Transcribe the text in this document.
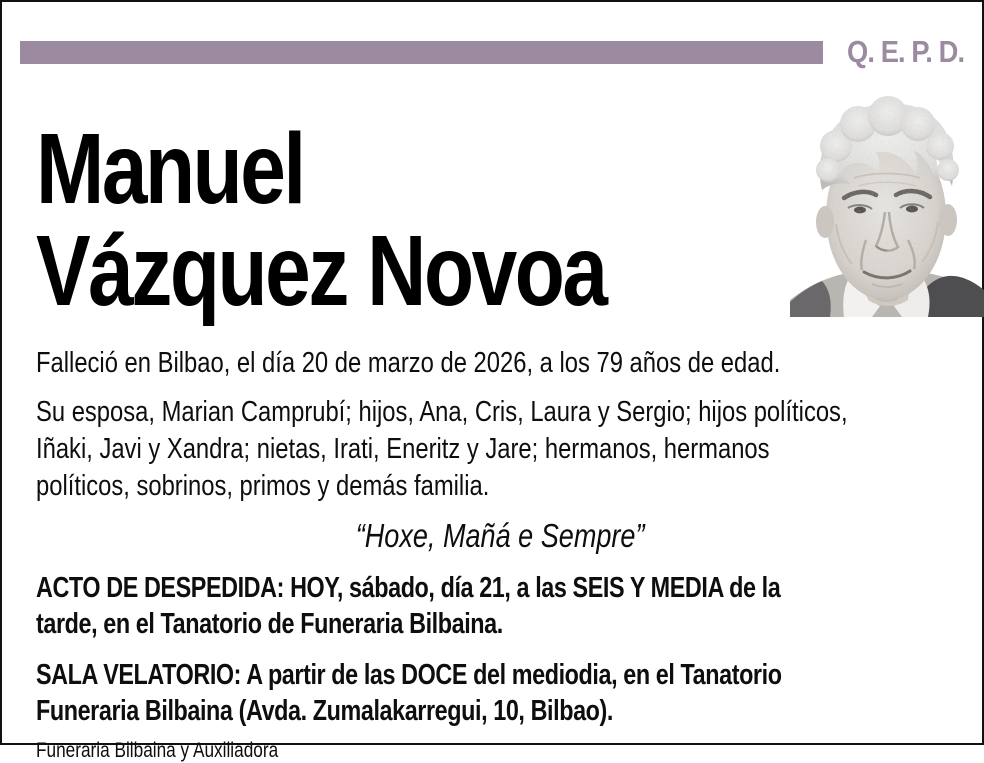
Q. E. P. D.
Manuel
Vázquez Novoa
Falleció en Bilbao, el día 20 de marzo de 2026, a los 79 años de edad.
Su esposa, Marian Camprubí; hijos, Ana, Cris, Laura y Sergio; hijos políticos,
Iñaki, Javi y Xandra; nietas, Irati, Eneritz y Jare; hermanos, hermanos
políticos, sobrinos, primos y demás familia.
“Hoxe, Mañá e Sempre”
ACTO DE DESPEDIDA: HOY, sábado, día 21, a las SEIS Y MEDIA de la
tarde, en el Tanatorio de Funeraria Bilbaina.
SALA VELATORIO: A partir de las DOCE del mediodia, en el Tanatorio
Funeraria Bilbaina (Avda. Zumalakarregui, 10, Bilbao).
Funeraria Bilbaina y Auxiliadora
